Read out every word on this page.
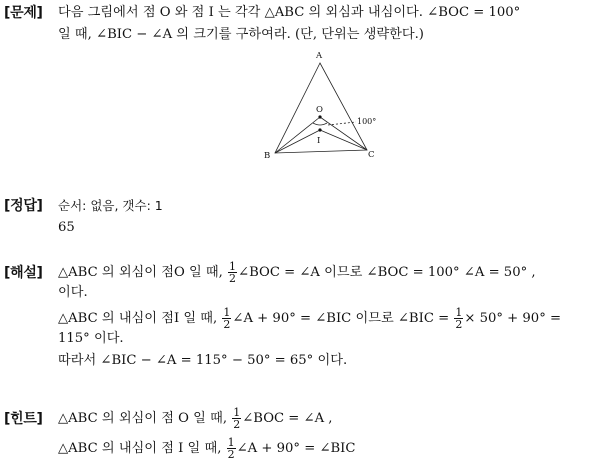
[문제] 다음 그림에서 점 O 와 점 I 는 각각 △ABC 의 외심과 내심이다. ∠BOC = 100°
일 때, ∠BIC − ∠A 의 크기를 구하여라. (단, 단위는 생략한다.)
A
B	C
O
I
100°
[정답] 순서: 없음, 갯수: 1
65
[해설] △ABC 의 외심이 점O 일 때, $\frac{1}{2}$ ∠BOC = ∠A 이므로 ∠BOC = 100° ∠A = 50° ,
이다.
△ABC 의 내심이 점I 일 때, $\frac{1}{2}$ ∠A + 90° = ∠BIC 이므로 ∠BIC = $\frac{1}{2} \times 50^\circ + 90^\circ$ =
115° 이다.
따라서 ∠BIC − ∠A = 115° − 50° = 65° 이다.
[힌트] △ABC 의 외심이 점 O 일 때, $\frac{1}{2}$ ∠BOC = ∠A ,
△ABC 의 내심이 점 I 일 때, $\frac{1}{2}$ ∠A + 90° = ∠BIC
